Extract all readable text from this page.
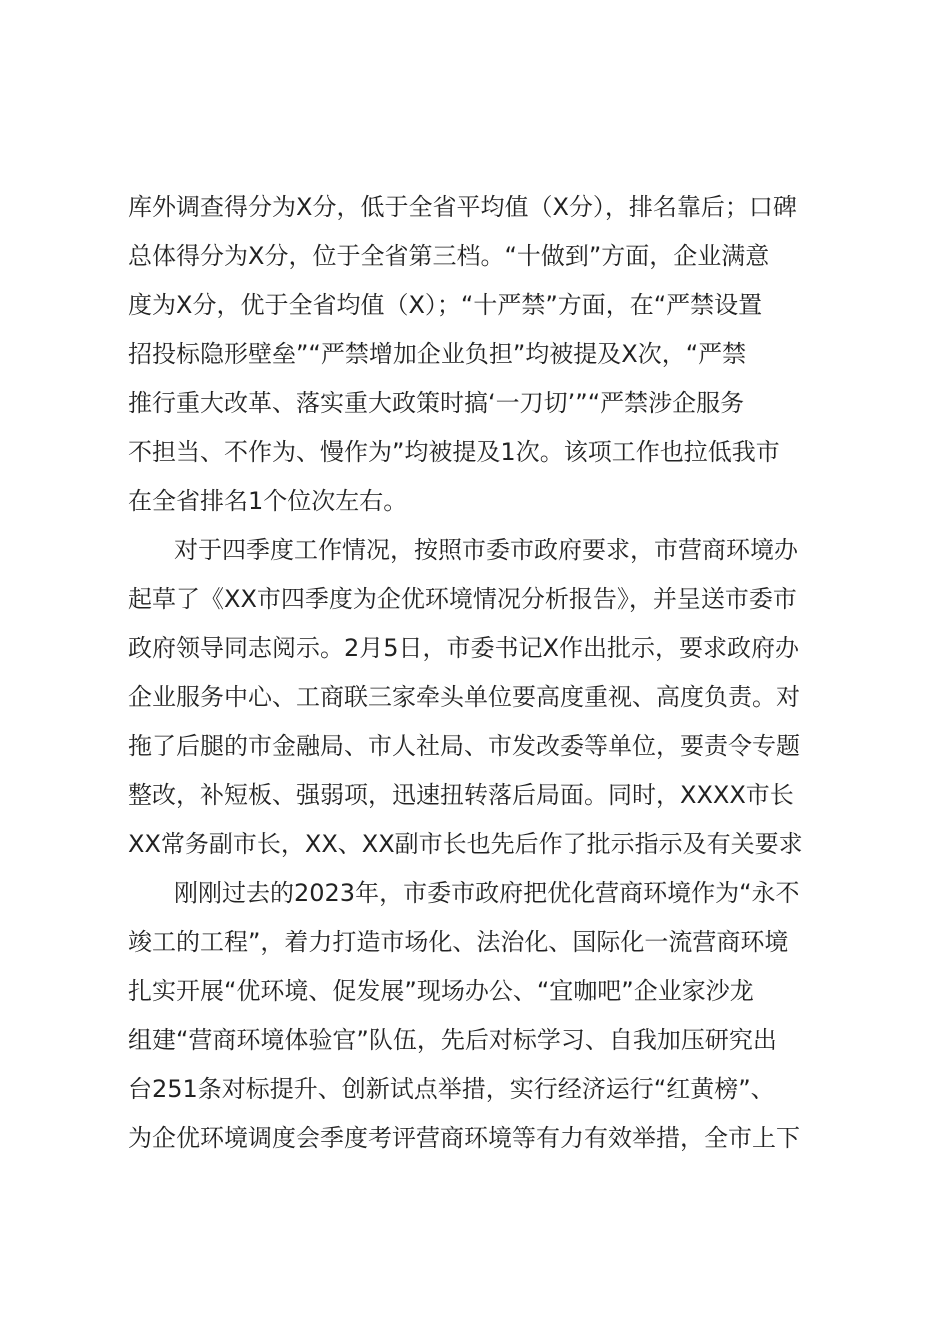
库外调查得分为X分，低于全省平均值（X分），排名靠后；口碑
总体得分为X分，位于全省第三档。“十做到”方面，企业满意
度为X分，优于全省均值（X）；“十严禁”方面，在“严禁设置
招投标隐形壁垒”“严禁增加企业负担”均被提及X次，“严禁
推行重大改革、落实重大政策时搞‘一刀切’”“严禁涉企服务
不担当、不作为、慢作为”均被提及1次。该项工作也拉低我市
在全省排名1个位次左右。
对于四季度工作情况，按照市委市政府要求，市营商环境办
起草了《XX市四季度为企优环境情况分析报告》，并呈送市委市
政府领导同志阅示。2月5日，市委书记X作出批示，要求政府办
企业服务中心、工商联三家牵头单位要高度重视、高度负责。对
拖了后腿的市金融局、市人社局、市发改委等单位，要责令专题
整改，补短板、强弱项，迅速扭转落后局面。同时，XXXX市长
XX常务副市长，XX、XX副市长也先后作了批示指示及有关要求
刚刚过去的2023年，市委市政府把优化营商环境作为“永不
竣工的工程”，着力打造市场化、法治化、国际化一流营商环境
扎实开展“优环境、促发展”现场办公、“宜咖吧”企业家沙龙
组建“营商环境体验官”队伍，先后对标学习、自我加压研究出
台251条对标提升、创新试点举措，实行经济运行“红黄榜”、
为企优环境调度会季度考评营商环境等有力有效举措，全市上下
